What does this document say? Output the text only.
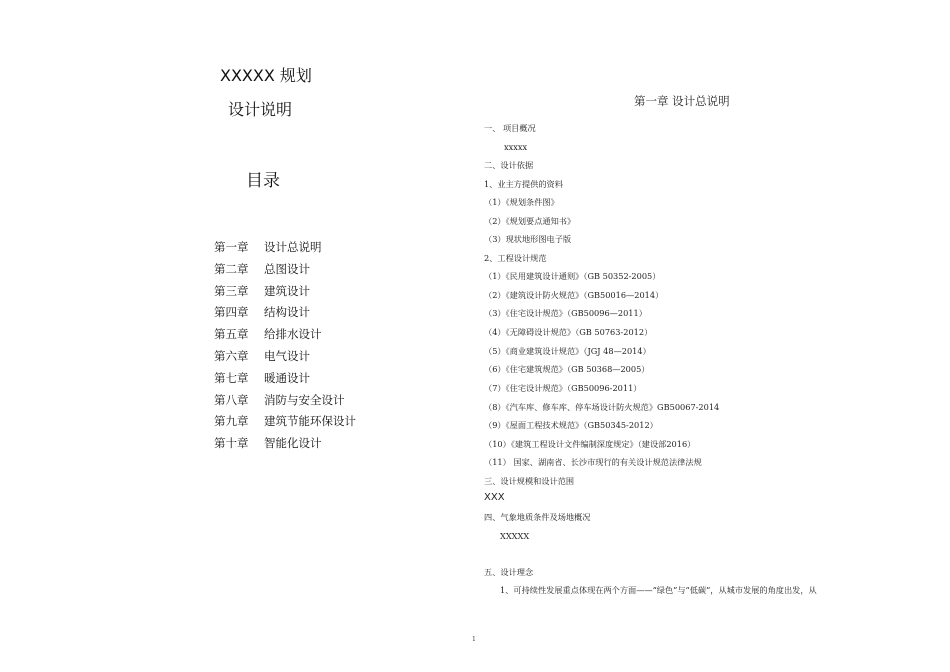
XXXXX 规划
设计说明
目录
第一章	设计总说明
第二章	总图设计
第三章	建筑设计
第四章	结构设计
第五章	给排水设计
第六章	电气设计
第七章	暖通设计
第八章	消防与安全设计
第九章	建筑节能环保设计
第十章	智能化设计
第一章 设计总说明
一、 项目概况
xxxxx
二、设计依据
1、业主方提供的资料
（1）《规划条件图》
（2）《规划要点通知书》
（3）现状地形图电子版
2、工程设计规范
（1）《民用建筑设计通则》（GB 50352-2005）
（2）《建筑设计防火规范》（GB50016—2014）
（3）《住宅设计规范》（GB50096—2011）
（4）《无障碍设计规范》（GB 50763-2012）
（5）《商业建筑设计规范》（JGJ 48—2014）
（6）《住宅建筑规范》（GB 50368—2005）
（7）《住宅设计规范》（GB50096-2011）
（8）《汽车库、修车库、停车场设计防火规范》GB50067-2014
（9）《屋面工程技术规范》（GB50345-2012）
（10）《建筑工程设计文件编制深度规定》（建设部2016）
（11） 国家、湖南省、长沙市现行的有关设计规范法律法规
三、设计规模和设计范围
XXX
四、气象地质条件及场地概况
XXXXX
五、设计理念
1、可持续性发展重点体现在两个方面——“绿色”与“低碳”，从城市发展的角度出发，从
1
